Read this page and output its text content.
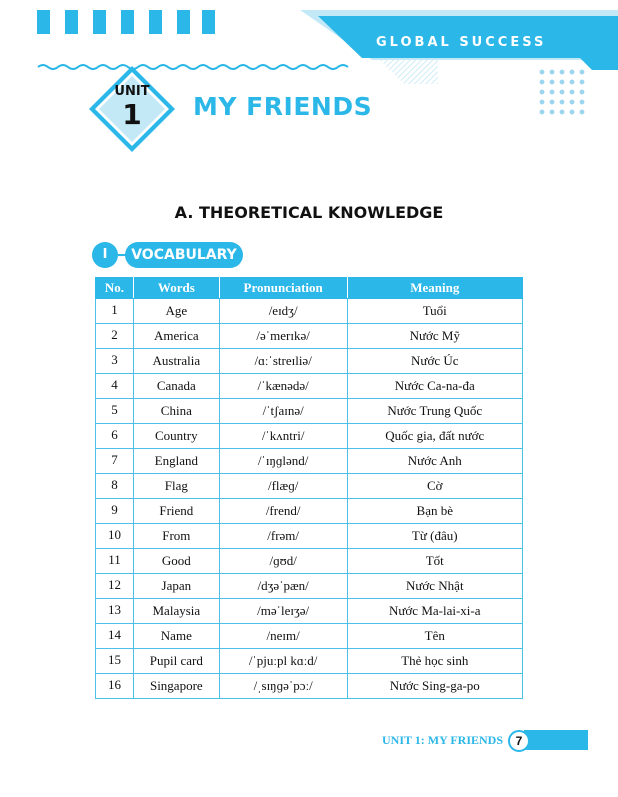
GLOBAL SUCCESS
UNIT
1	MY FRIENDS
A. THEORETICAL KNOWLEDGE
I	VOCABULARY
No.	Words	Pronunciation	Meaning
1	Age	/eɪdʒ/	Tuổi
2	America	/əˈmerɪkə/	Nước Mỹ
3	Australia	/ɑːˈstreɪliə/	Nước Úc
4	Canada	/ˈkænədə/	Nước Ca-na-đa
5	China	/ˈtʃaɪnə/	Nước Trung Quốc
6	Country	/ˈkʌntri/	Quốc gia, đất nước
7	England	/ˈɪŋɡlənd/	Nước Anh
8	Flag	/flæɡ/	Cờ
9	Friend	/frend/	Bạn bè
10	From	/frəm/	Từ (đâu)
11	Good	/ɡʊd/	Tốt
12	Japan	/dʒəˈpæn/	Nước Nhật
13	Malaysia	/məˈleɪʒə/	Nước Ma-lai-xi-a
14	Name	/neɪm/	Tên
15	Pupil card	/ˈpjuːpl kɑːd/	Thẻ học sinh
16	Singapore	/ˌsɪŋɡəˈpɔː/	Nước Sing-ga-po
UNIT 1: MY FRIENDS	7
